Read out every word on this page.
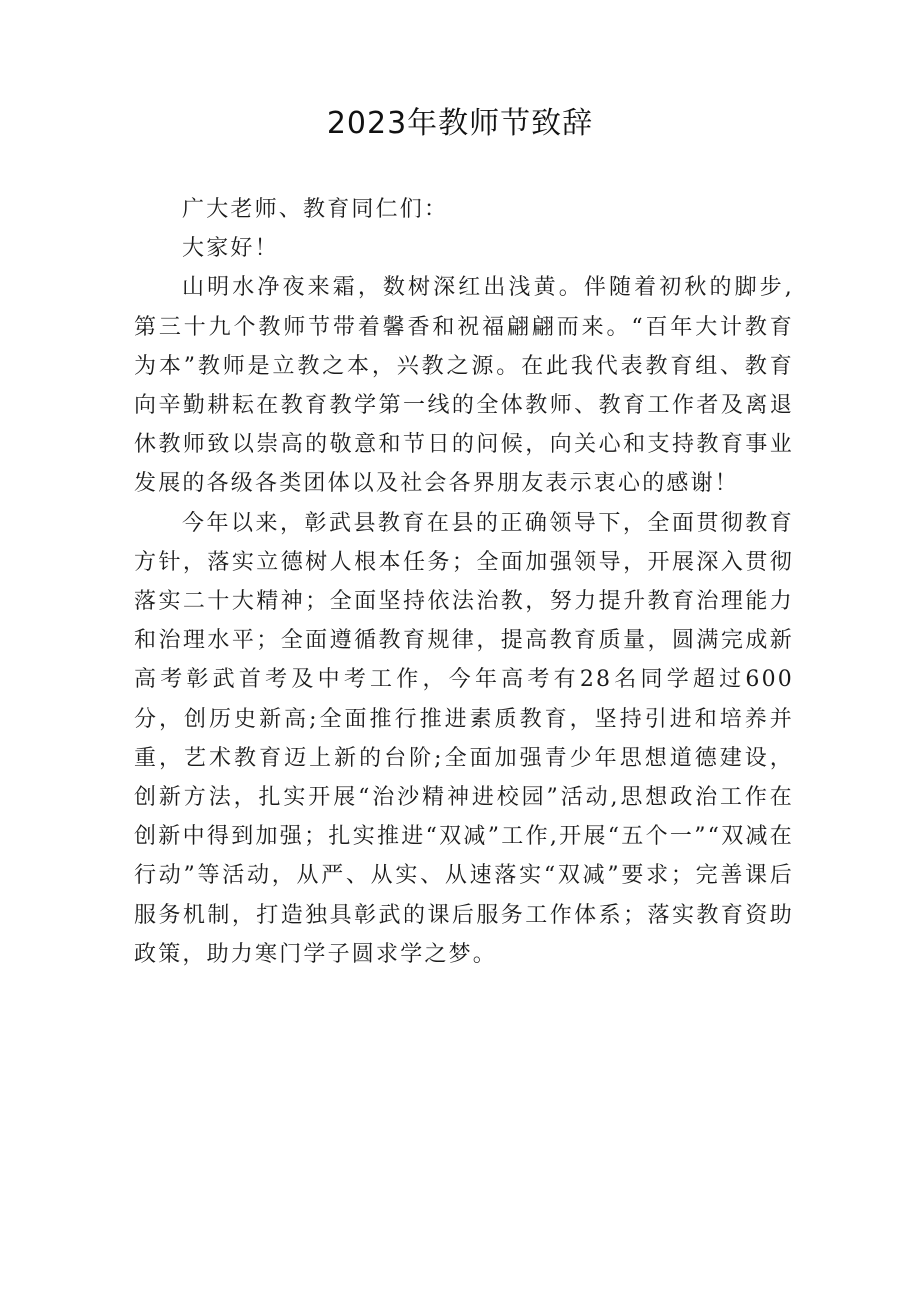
2023年教师节致辞

广大老师、教育同仁们：

大家好！

山明水净夜来霜，数树深红出浅黄。伴随着初秋的脚步,第三十九个教师节带着馨香和祝福翩翩而来。“百年大计教育为本”教师是立教之本，兴教之源。在此我代表教育组、教育向辛勤耕耘在教育教学第一线的全体教师、教育工作者及离退休教师致以崇高的敬意和节日的问候，向关心和支持教育事业发展的各级各类团体以及社会各界朋友表示衷心的感谢！

今年以来，彰武县教育在县的正确领导下，全面贯彻教育方针，落实立德树人根本任务；全面加强领导，开展深入贯彻落实二十大精神；全面坚持依法治教，努力提升教育治理能力和治理水平；全面遵循教育规律，提高教育质量，圆满完成新高考彰武首考及中考工作，今年高考有28名同学超过600分，创历史新高;全面推行推进素质教育，坚持引进和培养并重，艺术教育迈上新的台阶;全面加强青少年思想道德建设，创新方法，扎实开展“治沙精神进校园”活动,思想政治工作在创新中得到加强；扎实推进“双减”工作,开展“五个一”“双减在行动”等活动，从严、从实、从速落实“双减”要求；完善课后服务机制，打造独具彰武的课后服务工作体系；落实教育资助政策，助力寒门学子圆求学之梦。
